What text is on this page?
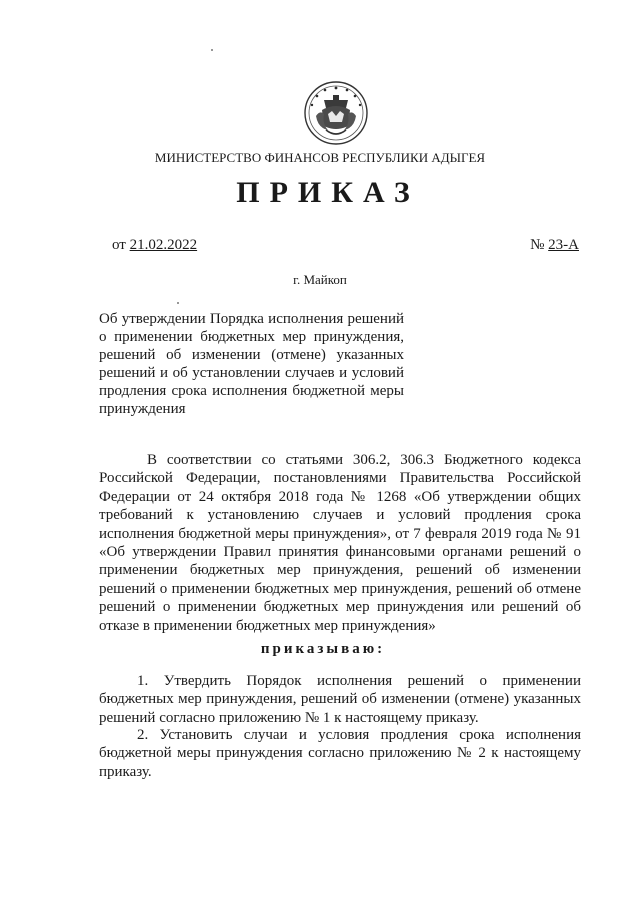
МИНИСТЕРСТВО ФИНАНСОВ РЕСПУБЛИКИ АДЫГЕЯ
ПРИКАЗ
от 21.02.2022	№ 23-А
г. Майкоп
Об утверждении Порядка исполнения решений
о применении бюджетных мер принуждения,
решений об изменении (отмене) указанных
решений и об установлении случаев и условий
продления срока исполнения бюджетной меры
принуждения
В соответствии со статьями 306.2, 306.3 Бюджетного кодекса
Российской Федерации, постановлениями Правительства Российской
Федерации от 24 октября 2018 года № 1268 «Об утверждении общих
требований к установлению случаев и условий продления срока
исполнения бюджетной меры принуждения», от 7 февраля 2019 года № 91
«Об утверждении Правил принятия финансовыми органами решений о
применении бюджетных мер принуждения, решений об изменении
решений о применении бюджетных мер принуждения, решений об отмене
решений о применении бюджетных мер принуждения или решений об
отказе в применении бюджетных мер принуждения»
приказываю:
1. Утвердить Порядок исполнения решений о применении
бюджетных мер принуждения, решений об изменении (отмене) указанных
решений согласно приложению № 1 к настоящему приказу.
2. Установить случаи и условия продления срока исполнения
бюджетной меры принуждения согласно приложению № 2 к настоящему
приказу.
